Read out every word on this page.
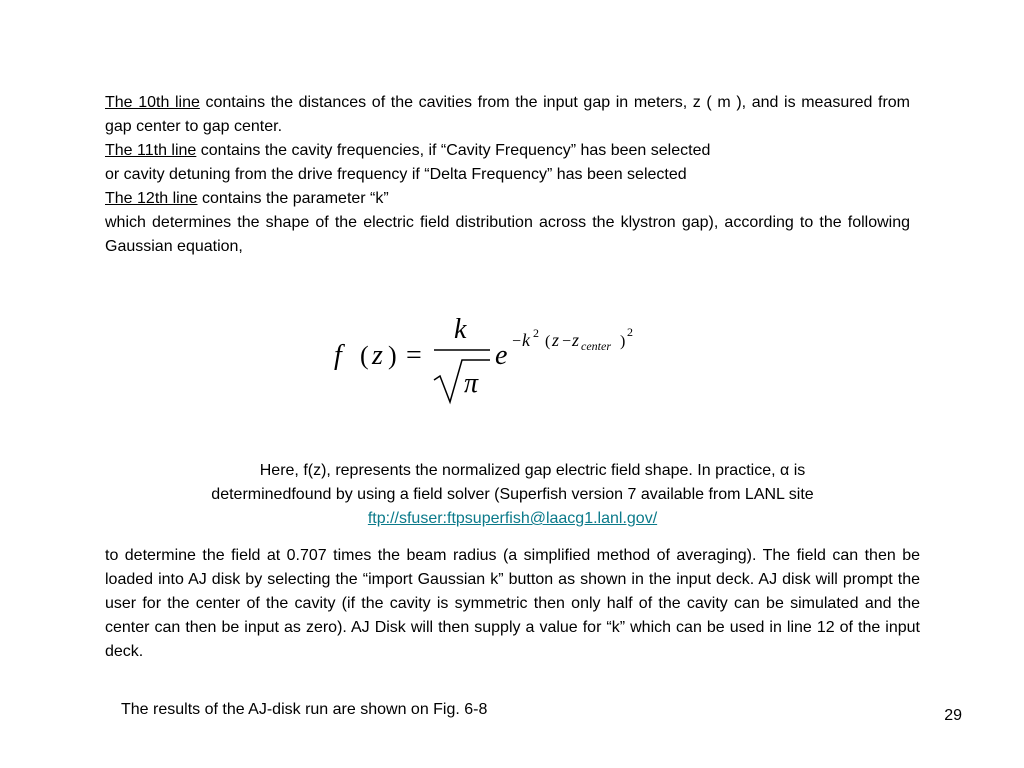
The 10th line contains the distances of the cavities from the input gap in meters, z ( m ), and is measured from gap center to gap center.
The 11th line contains the cavity frequencies, if “Cavity Frequency” has been selected
or cavity detuning from the drive frequency if “Delta Frequency” has been selected
The 12th line contains the parameter “k”
which determines the shape of the electric field distribution across the klystron gap), according to the following Gaussian equation,
f ( z ) =
k
π
e − k 2 ( z − z center )
2
Here, f(z), represents the normalized gap electric field shape. In practice, α is
determinedfound by using a field solver (Superfish version 7 available from LANL site
ftp://sfuser:ftpsuperfish@laacg1.lanl.gov/
to determine the field at 0.707 times the beam radius (a simplified method of averaging). The field can then be loaded into AJ disk by selecting the “import Gaussian k” button as shown in the input deck. AJ disk will prompt the user for the center of the cavity (if the cavity is symmetric then only half of the cavity can be simulated and the center can then be input as zero). AJ Disk will then supply a value for “k” which can be used in line 12 of the input deck.
The results of the AJ-disk run are shown on Fig. 6-8	29
